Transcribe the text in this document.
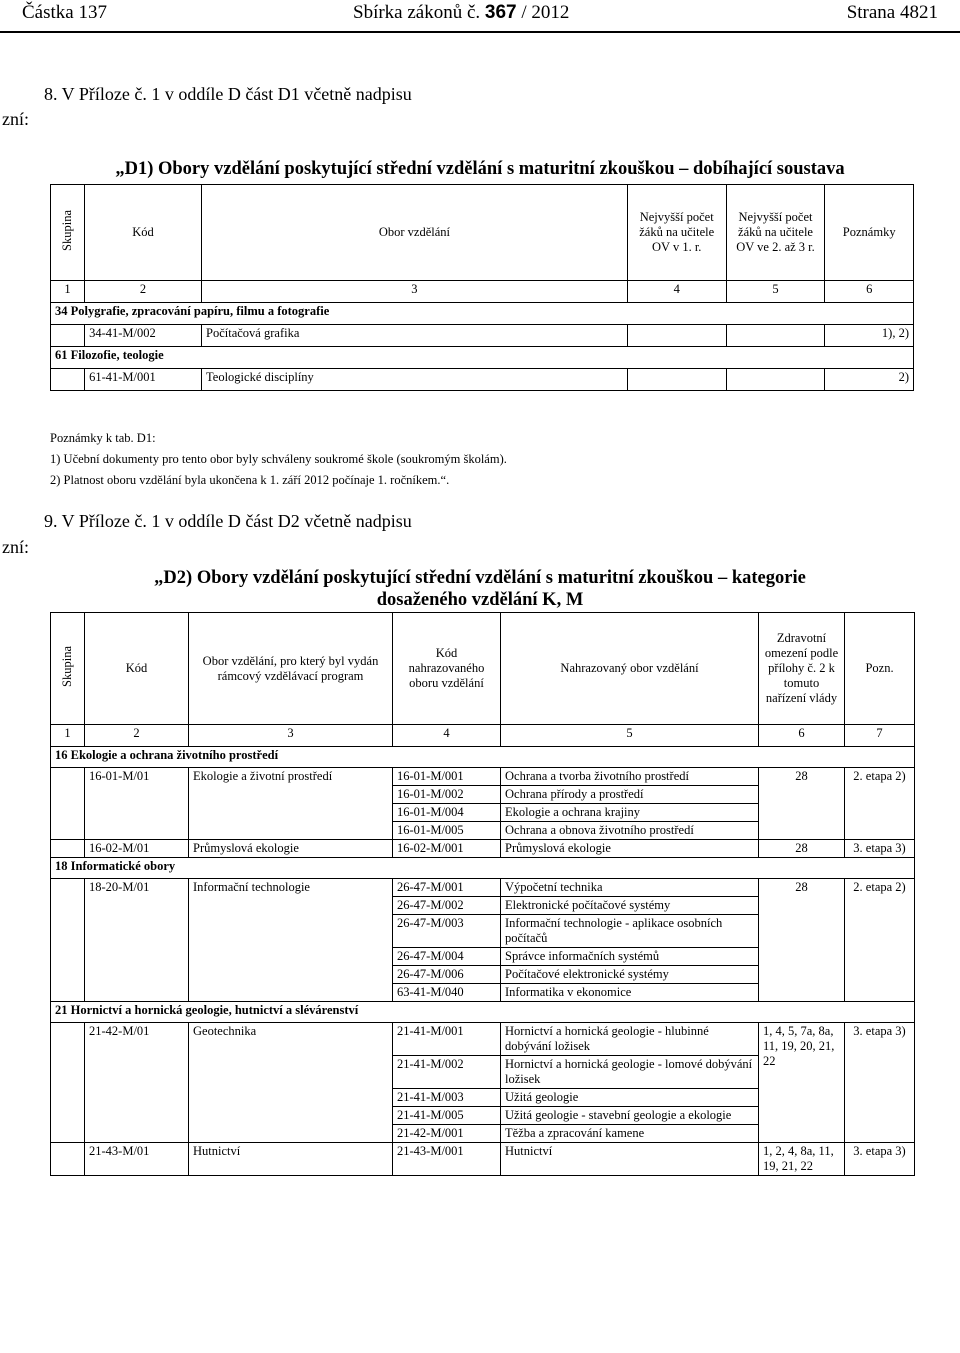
Částka 137	Sbírka zákonů č. 367 / 2012	Strana 4821
8. V Příloze č. 1 v oddíle D část D1 včetně nadpisu
zní:
„D1) Obory vzdělání poskytující střední vzdělání s maturitní zkouškou – dobíhající soustava
Skupina	Kód	Obor vzdělání	Nejvyšší počet žáků na učitele OV v 1. r.	Nejvyšší počet žáků na učitele OV ve 2. až 3 r.	Poznámky
1	2	3	4	5	6
34 Polygrafie, zpracování papíru, filmu a fotografie					
	34-41-M/002	Počítačová grafika			1), 2)
61 Filozofie, teologie					
	61-41-M/001	Teologické disciplíny			2)
Poznámky k tab. D1:
1) Učební dokumenty pro tento obor byly schváleny soukromé škole (soukromým školám).
2) Platnost oboru vzdělání byla ukončena k 1. září 2012 počínaje 1. ročníkem.“.
9. V Příloze č. 1 v oddíle D část D2 včetně nadpisu
zní:
„D2) Obory vzdělání poskytující střední vzdělání s maturitní zkouškou – kategorie
dosaženého vzdělání K, M
Skupina	Kód	Obor vzdělání, pro který byl vydán rámcový vzdělávací program	Kód nahrazovaného oboru vzdělání	Nahrazovaný obor vzdělání	Zdravotní omezení podle přílohy č. 2 k tomuto nařízení vlády	Pozn.
1	2	3	4	5	6	7
16 Ekologie a ochrana životního prostředí						
	16-01-M/01	Ekologie a životní prostředí	16-01-M/001	Ochrana a tvorba životního prostředí	28	2. etapa 2)
			16-01-M/002	Ochrana přírody a prostředí		
			16-01-M/004	Ekologie a ochrana krajiny		
			16-01-M/005	Ochrana a obnova životního prostředí		
	16-02-M/01	Průmyslová ekologie	16-02-M/001	Průmyslová ekologie	28	3. etapa 3)
18 Informatické obory						
	18-20-M/01	Informační technologie	26-47-M/001	Výpočetní technika	28	2. etapa 2)
			26-47-M/002	Elektronické počítačové systémy		
			26-47-M/003	Informační technologie - aplikace osobních počítačů		
			26-47-M/004	Správce informačních systémů		
			26-47-M/006	Počítačové elektronické systémy		
			63-41-M/040	Informatika v ekonomice		
21 Hornictví a hornická geologie, hutnictví a slévárenství						
	21-42-M/01	Geotechnika	21-41-M/001	Hornictví a hornická geologie - hlubinné dobývání ložisek	1, 4, 5, 7a, 8a, 11, 19, 20, 21, 22	3. etapa 3)
			21-41-M/002	Hornictví a hornická geologie - lomové dobývání ložisek		
			21-41-M/003	Užitá geologie		
			21-41-M/005	Užitá geologie - stavební geologie a ekologie		
			21-42-M/001	Těžba a zpracování kamene		
	21-43-M/01	Hutnictví	21-43-M/001	Hutnictví	1, 2, 4, 8a, 11, 19, 21, 22	3. etapa 3)
